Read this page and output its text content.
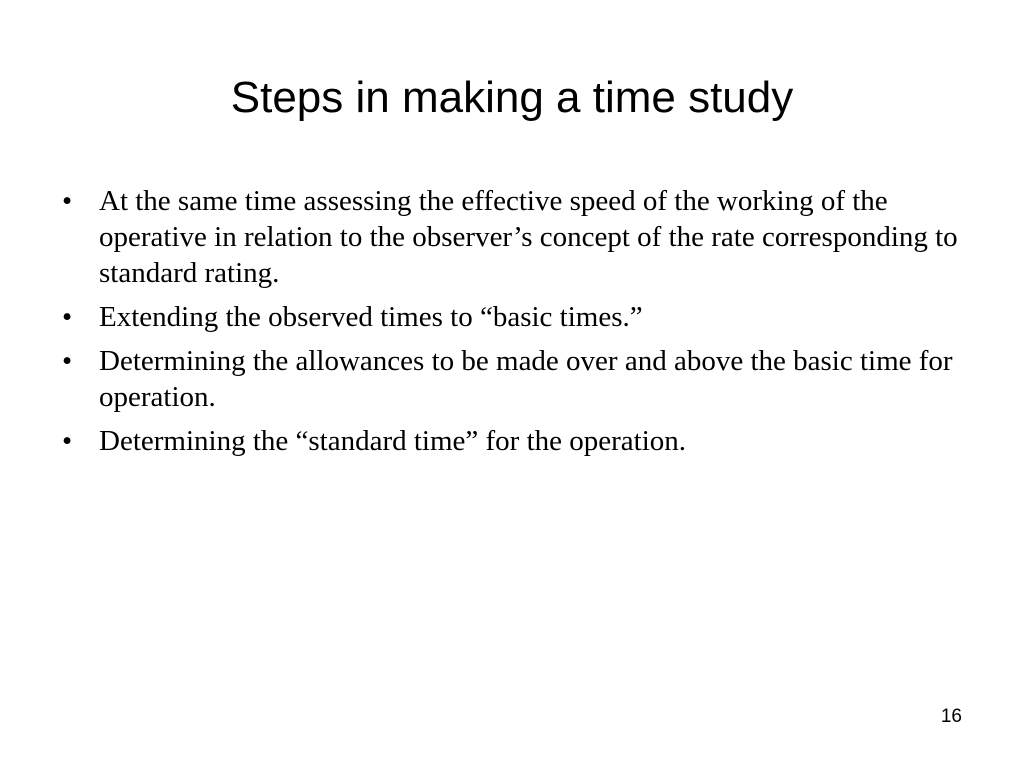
Steps in making a time study
• At the same time assessing the effective speed of the working of the operative in relation to the observer’s concept of the rate corresponding to standard rating.
• Extending the observed times to “basic times.”
• Determining the allowances to be made over and above the basic time for operation.
• Determining the “standard time” for the operation.
16
